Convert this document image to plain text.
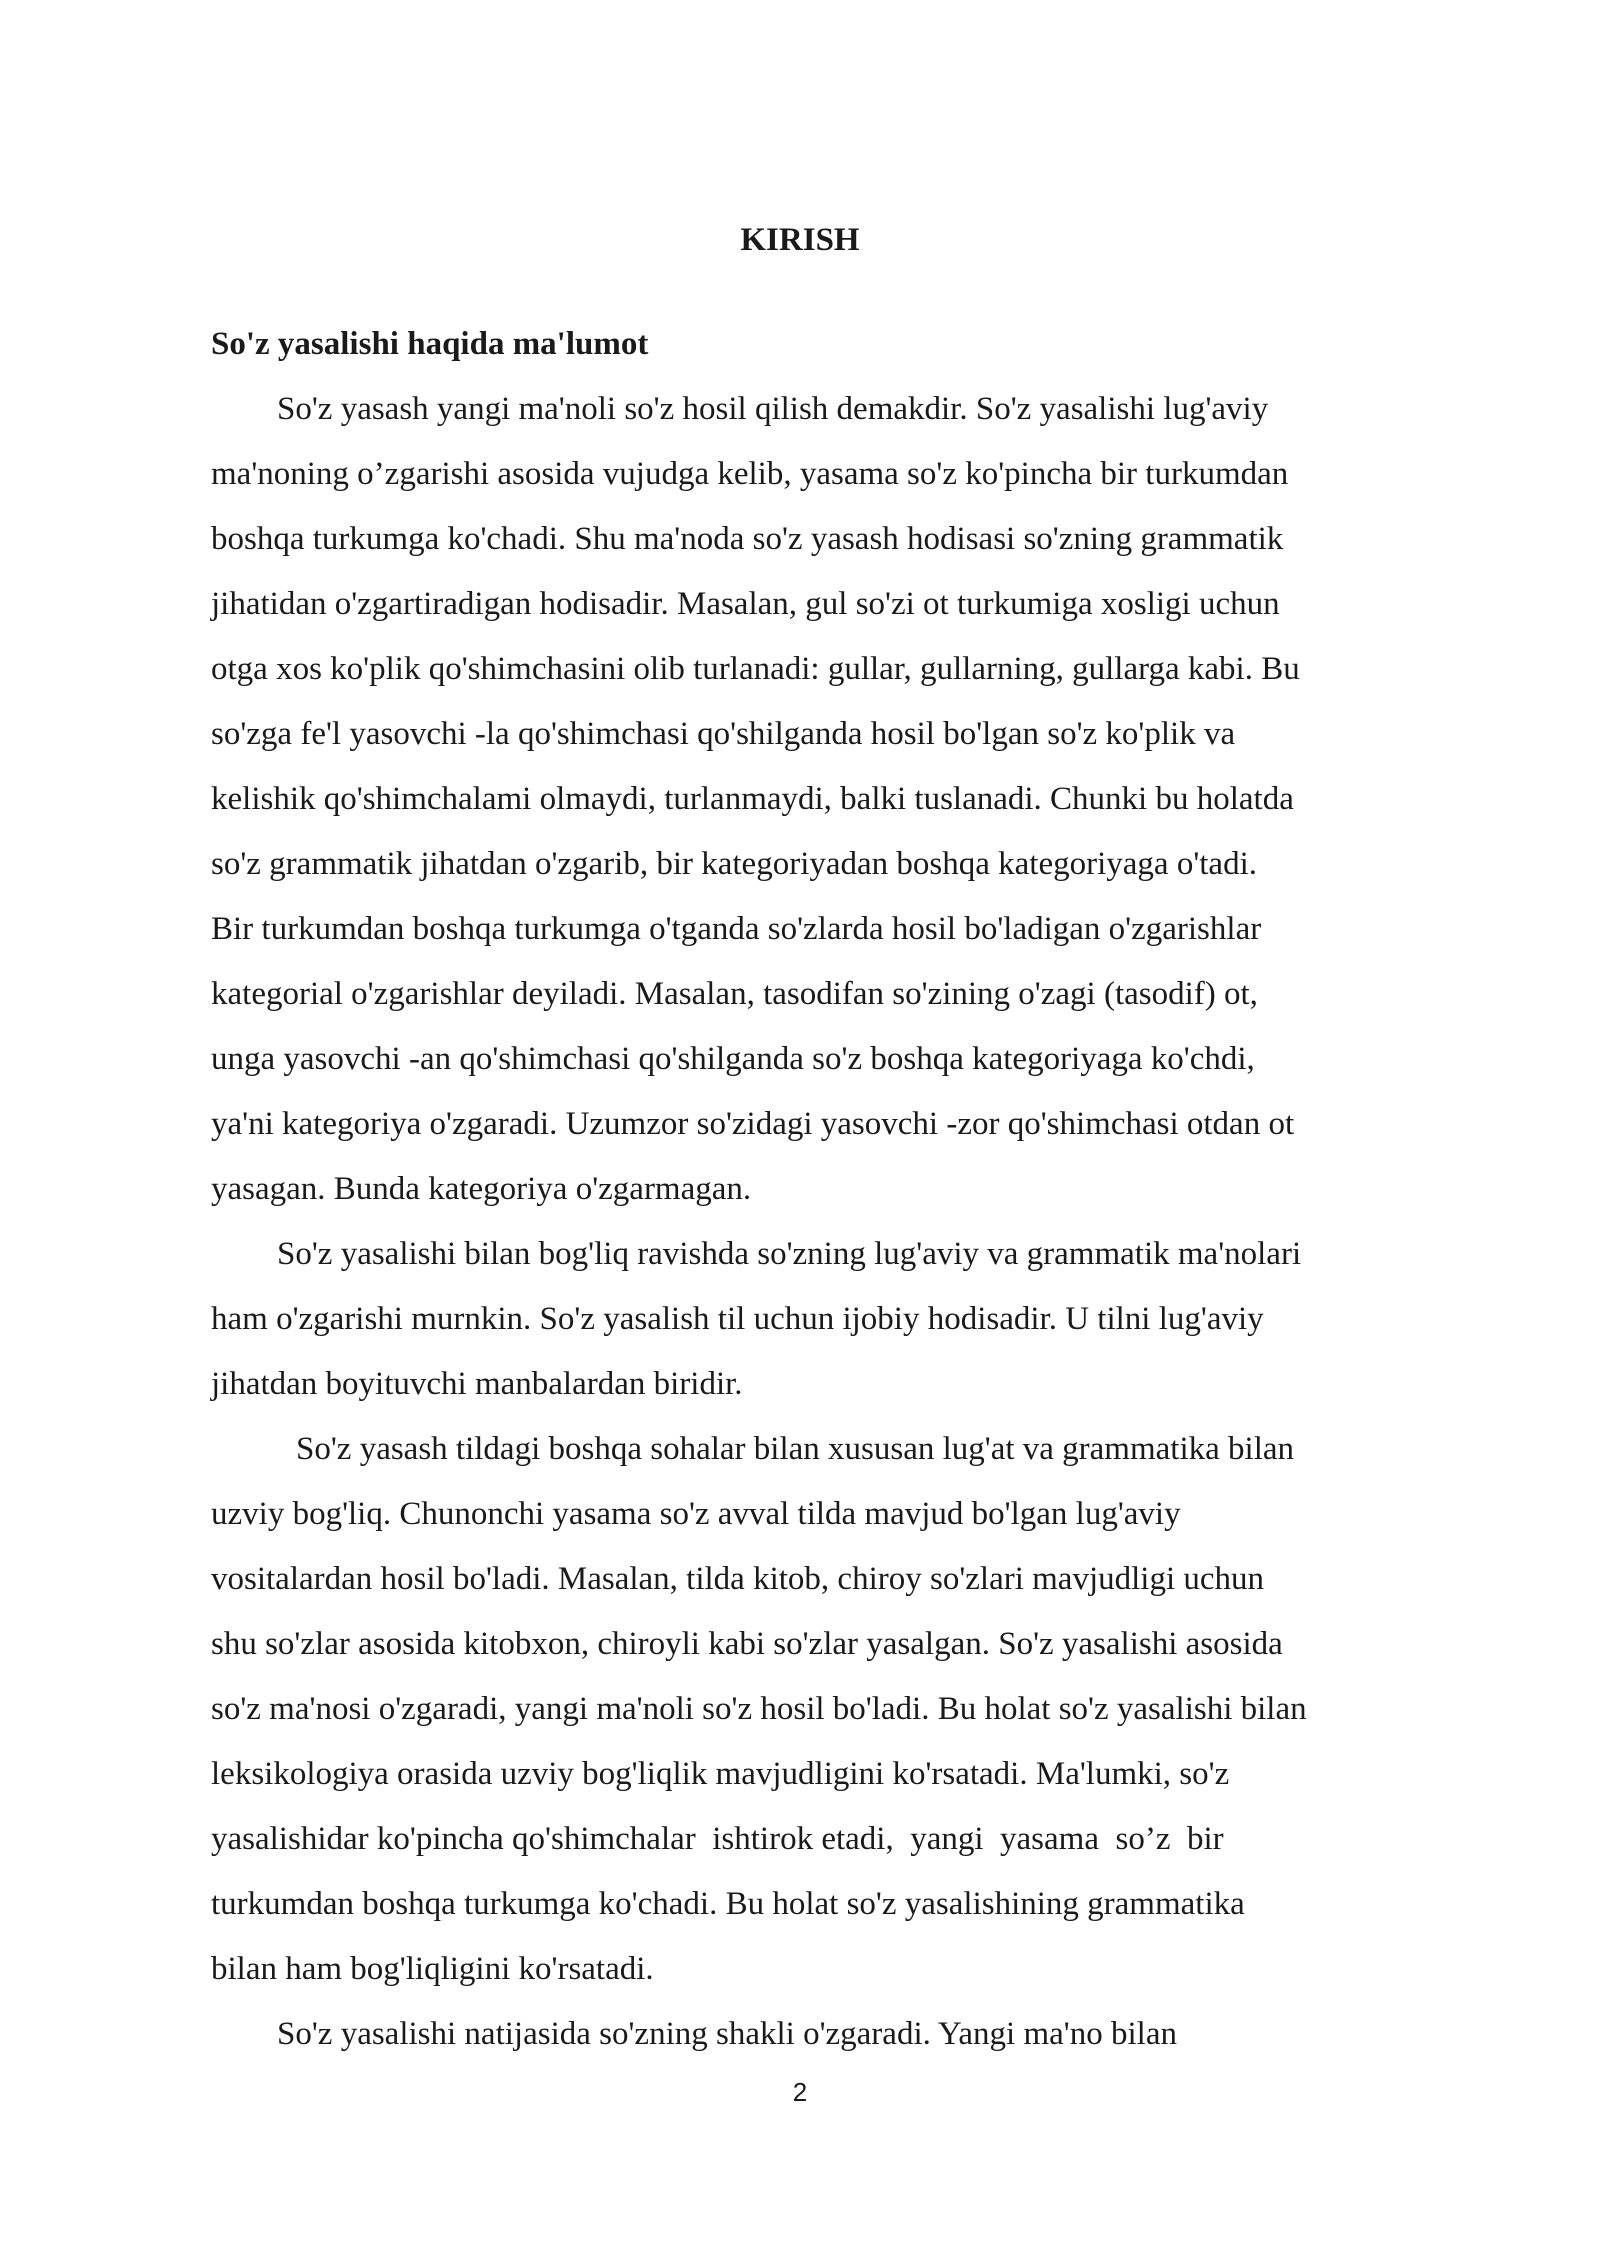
KIRISH
So'z yasalishi haqida ma'lumot
So'z yasash yangi ma'noli so'z hosil qilish demakdir. So'z yasalishi lug'aviy
ma'noning o’zgarishi asosida vujudga kelib, yasama so'z ko'pincha bir turkumdan
boshqa turkumga ko'chadi. Shu ma'noda so'z yasash hodisasi so'zning grammatik
jihatidan o'zgartiradigan hodisadir. Masalan, gul so'zi ot turkumiga xosligi uchun
otga xos ko'plik qo'shimchasini olib turlanadi: gullar, gullarning, gullarga kabi. Bu
so'zga fe'l yasovchi -la qo'shimchasi qo'shilganda hosil bo'lgan so'z ko'plik va
kelishik qo'shimchalami olmaydi, turlanmaydi, balki tuslanadi. Chunki bu holatda
so'z grammatik jihatdan o'zgarib, bir kategoriyadan boshqa kategoriyaga o'tadi.
Bir turkumdan boshqa turkumga o'tganda so'zlarda hosil bo'ladigan o'zgarishlar
kategorial o'zgarishlar deyiladi. Masalan, tasodifan so'zining o'zagi (tasodif) ot,
unga yasovchi -an qo'shimchasi qo'shilganda so'z boshqa kategoriyaga ko'chdi,
ya'ni kategoriya o'zgaradi. Uzumzor so'zidagi yasovchi -zor qo'shimchasi otdan ot
yasagan. Bunda kategoriya o'zgarmagan.
So'z yasalishi bilan bog'liq ravishda so'zning lug'aviy va grammatik ma'nolari
ham o'zgarishi murnkin. So'z yasalish til uchun ijobiy hodisadir. U tilni lug'aviy
jihatdan boyituvchi manbalardan biridir.
So'z yasash tildagi boshqa sohalar bilan xususan lug'at va grammatika bilan
uzviy bog'liq. Chunonchi yasama so'z avval tilda mavjud bo'lgan lug'aviy
vositalardan hosil bo'ladi. Masalan, tilda kitob, chiroy so'zlari mavjudligi uchun
shu so'zlar asosida kitobxon, chiroyli kabi so'zlar yasalgan. So'z yasalishi asosida
so'z ma'nosi o'zgaradi, yangi ma'noli so'z hosil bo'ladi. Bu holat so'z yasalishi bilan
leksikologiya orasida uzviy bog'liqlik mavjudligini ko'rsatadi. Ma'lumki, so'z
yasalishidar ko'pincha qo'shimchalar  ishtirok etadi,  yangi  yasama  so’z  bir
turkumdan boshqa turkumga ko'chadi. Bu holat so'z yasalishining grammatika
bilan ham bog'liqligini ko'rsatadi.
So'z yasalishi natijasida so'zning shakli o'zgaradi. Yangi ma'no bilan
2
